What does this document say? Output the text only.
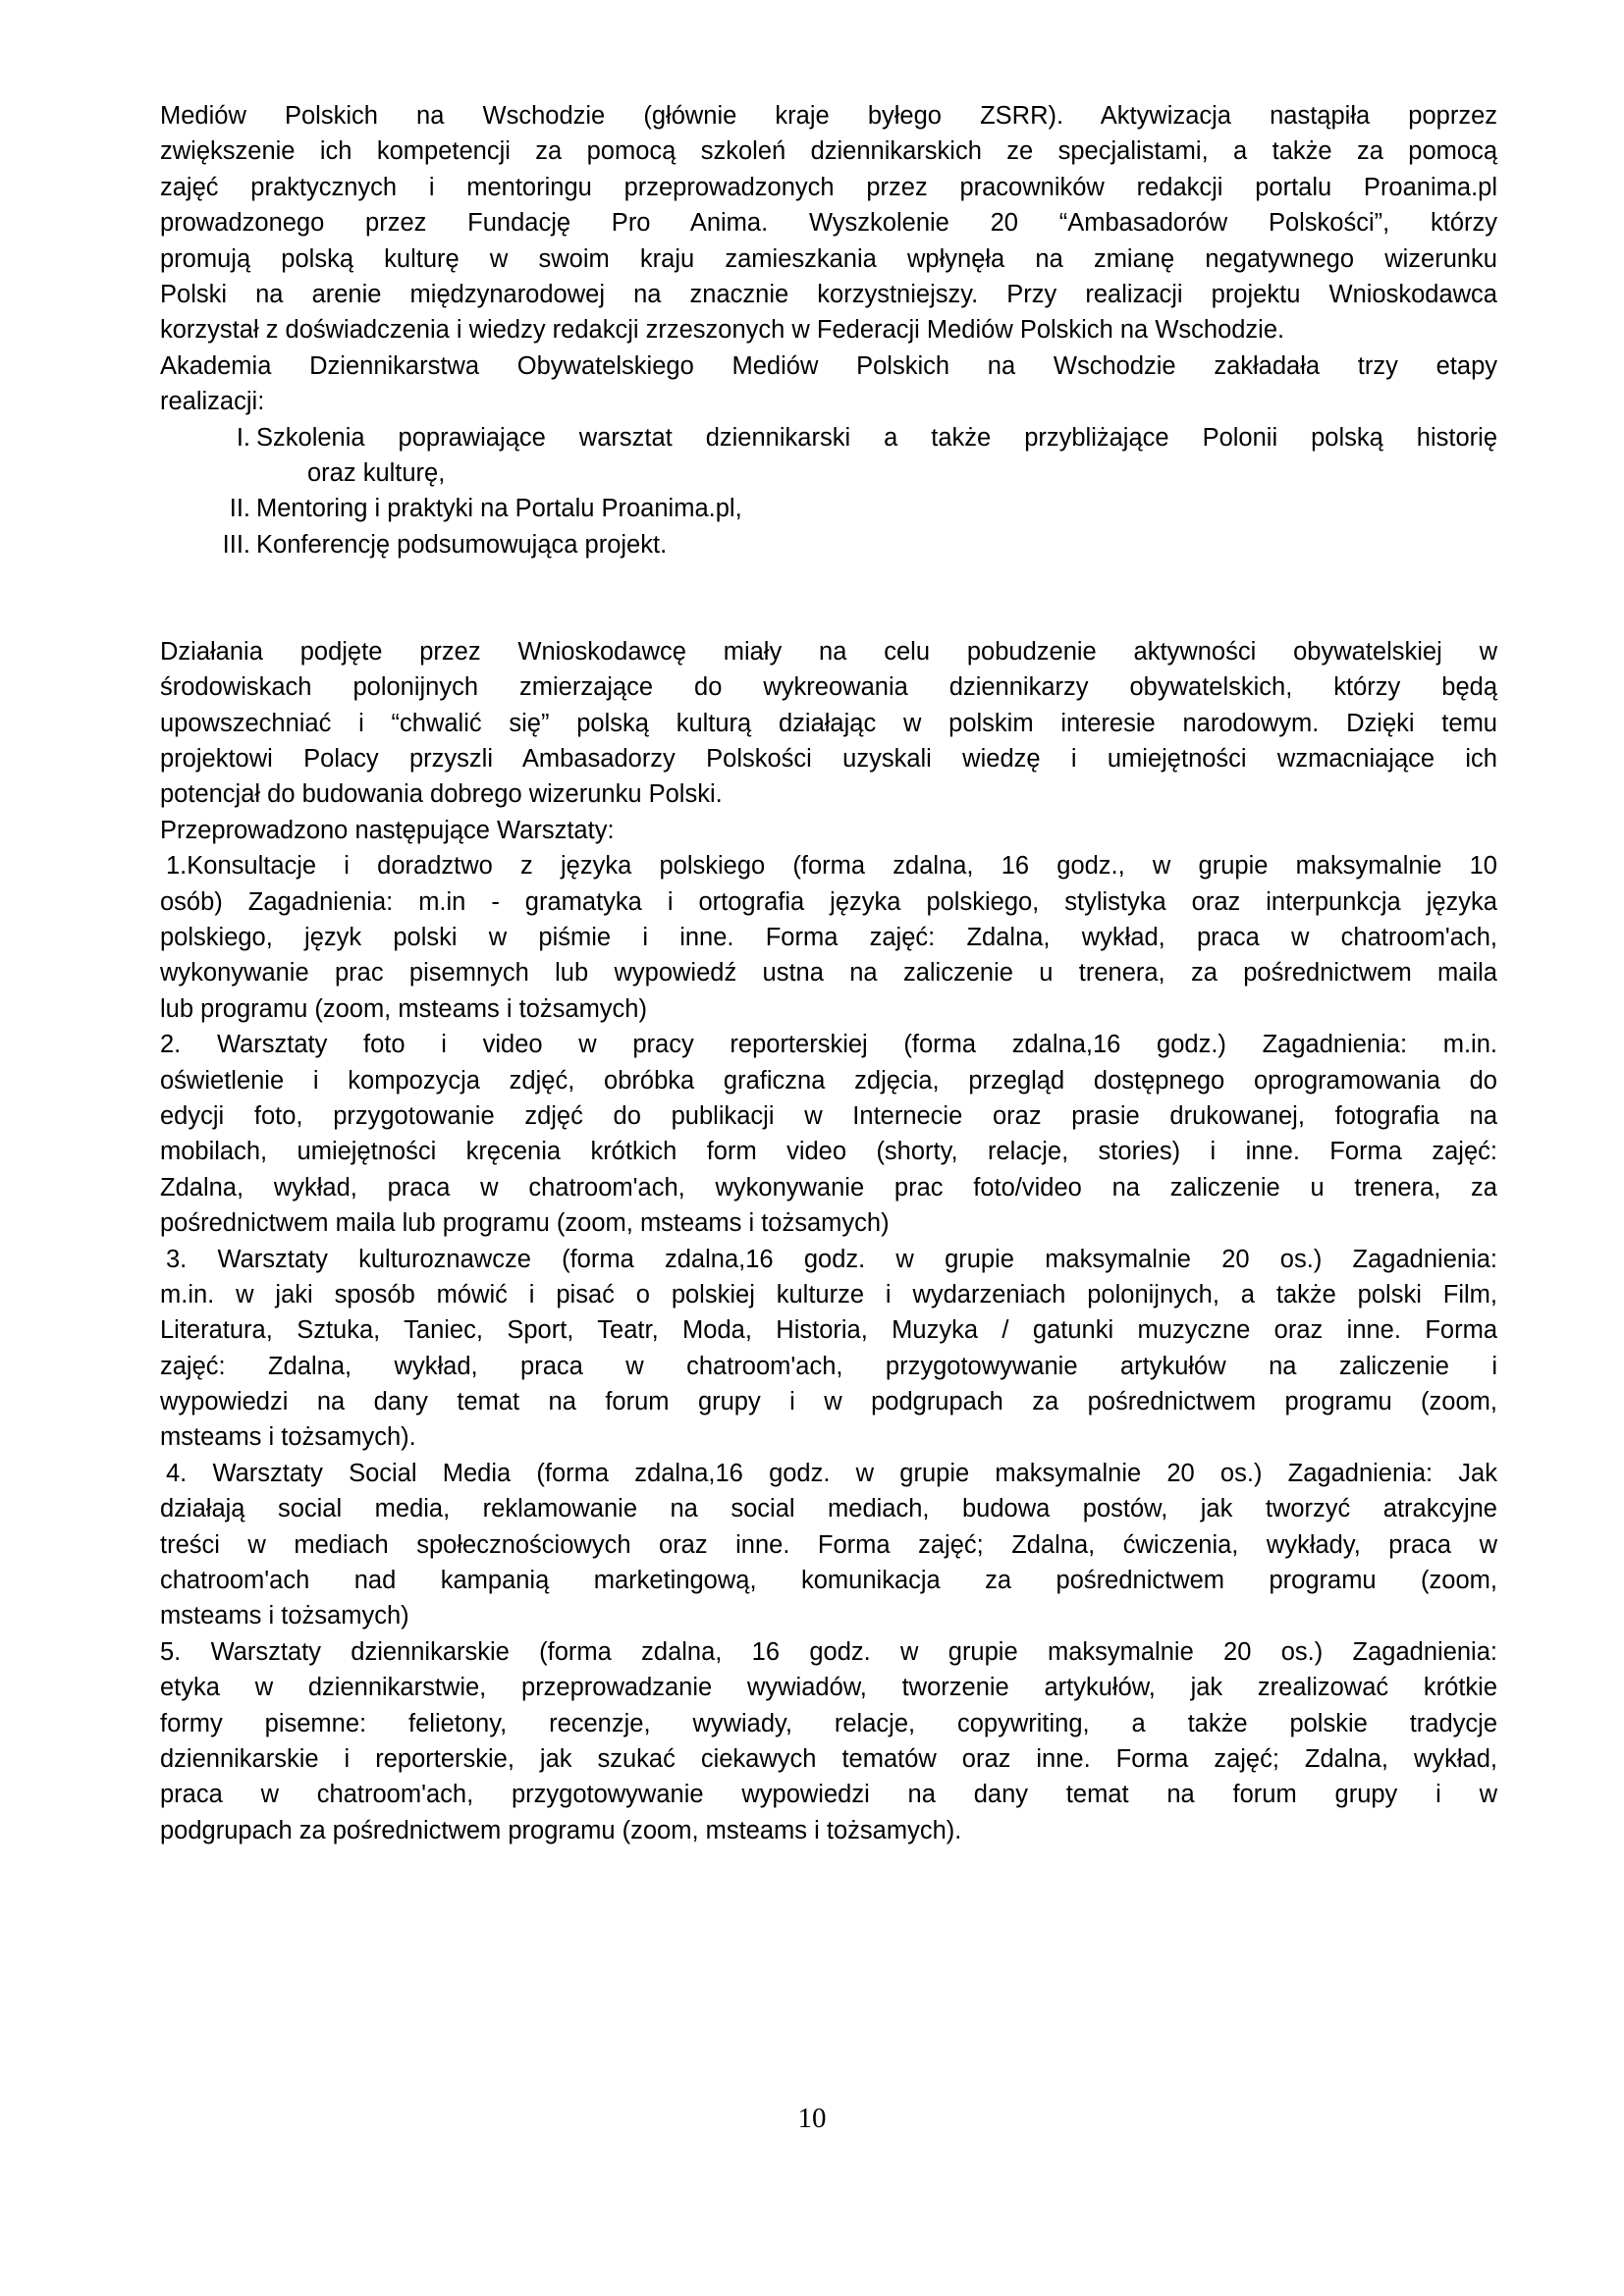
Mediów Polskich na Wschodzie (głównie kraje byłego ZSRR). Aktywizacja nastąpiła poprzez
zwiększenie ich kompetencji za pomocą szkoleń dziennikarskich ze specjalistami, a także za pomocą
zajęć praktycznych i mentoringu przeprowadzonych przez pracowników redakcji portalu Proanima.pl
prowadzonego przez Fundację Pro Anima. Wyszkolenie 20 “Ambasadorów Polskości”, którzy
promują polską kulturę w swoim kraju zamieszkania wpłynęła na zmianę negatywnego wizerunku
Polski na arenie międzynarodowej na znacznie korzystniejszy. Przy realizacji projektu Wnioskodawca
korzystał z doświadczenia i wiedzy redakcji zrzeszonych w Federacji Mediów Polskich na Wschodzie.
Akademia Dziennikarstwa Obywatelskiego Mediów Polskich na Wschodzie zakładała trzy etapy
realizacji:
I. Szkolenia poprawiające warsztat dziennikarski a także przybliżające Polonii polską historię
oraz kulturę,
II. Mentoring i praktyki na Portalu Proanima.pl,
III. Konferencję podsumowująca projekt.
Działania podjęte przez Wnioskodawcę miały na celu pobudzenie aktywności obywatelskiej w
środowiskach polonijnych zmierzające do wykreowania dziennikarzy obywatelskich, którzy będą
upowszechniać i “chwalić się” polską kulturą działając w polskim interesie narodowym. Dzięki temu
projektowi Polacy przyszli Ambasadorzy Polskości uzyskali wiedzę i umiejętności wzmacniające ich
potencjał do budowania dobrego wizerunku Polski.
Przeprowadzono następujące Warsztaty:
1.Konsultacje i doradztwo z języka polskiego (forma zdalna, 16 godz., w grupie maksymalnie 10
osób) Zagadnienia: m.in - gramatyka i ortografia języka polskiego, stylistyka oraz interpunkcja języka
polskiego, język polski w piśmie i inne. Forma zajęć: Zdalna, wykład, praca w chatroom'ach,
wykonywanie prac pisemnych lub wypowiedź ustna na zaliczenie u trenera, za pośrednictwem maila
lub programu (zoom, msteams i tożsamych)
2. Warsztaty foto i video w pracy reporterskiej (forma zdalna,16 godz.) Zagadnienia: m.in.
oświetlenie i kompozycja zdjęć, obróbka graficzna zdjęcia, przegląd dostępnego oprogramowania do
edycji foto, przygotowanie zdjęć do publikacji w Internecie oraz prasie drukowanej, fotografia na
mobilach, umiejętności kręcenia krótkich form video (shorty, relacje, stories) i inne. Forma zajęć:
Zdalna, wykład, praca w chatroom'ach, wykonywanie prac foto/video na zaliczenie u trenera, za
pośrednictwem maila lub programu (zoom, msteams i tożsamych)
3. Warsztaty kulturoznawcze (forma zdalna,16 godz. w grupie maksymalnie 20 os.) Zagadnienia:
m.in. w jaki sposób mówić i pisać o polskiej kulturze i wydarzeniach polonijnych, a także polski Film,
Literatura, Sztuka, Taniec, Sport, Teatr, Moda, Historia, Muzyka / gatunki muzyczne oraz inne. Forma
zajęć: Zdalna, wykład, praca w chatroom'ach, przygotowywanie artykułów na zaliczenie i
wypowiedzi na dany temat na forum grupy i w podgrupach za pośrednictwem programu (zoom,
msteams i tożsamych).
4. Warsztaty Social Media (forma zdalna,16 godz. w grupie maksymalnie 20 os.) Zagadnienia: Jak
działają social media, reklamowanie na social mediach, budowa postów, jak tworzyć atrakcyjne
treści w mediach społecznościowych oraz inne. Forma zajęć; Zdalna, ćwiczenia, wykłady, praca w
chatroom'ach nad kampanią marketingową, komunikacja za pośrednictwem programu (zoom,
msteams i tożsamych)
5. Warsztaty dziennikarskie (forma zdalna, 16 godz. w grupie maksymalnie 20 os.) Zagadnienia:
etyka w dziennikarstwie, przeprowadzanie wywiadów, tworzenie artykułów, jak zrealizować krótkie
formy pisemne: felietony, recenzje, wywiady, relacje, copywriting, a także polskie tradycje
dziennikarskie i reporterskie, jak szukać ciekawych tematów oraz inne. Forma zajęć; Zdalna, wykład,
praca w chatroom'ach, przygotowywanie wypowiedzi na dany temat na forum grupy i w
podgrupach za pośrednictwem programu (zoom, msteams i tożsamych).
10
